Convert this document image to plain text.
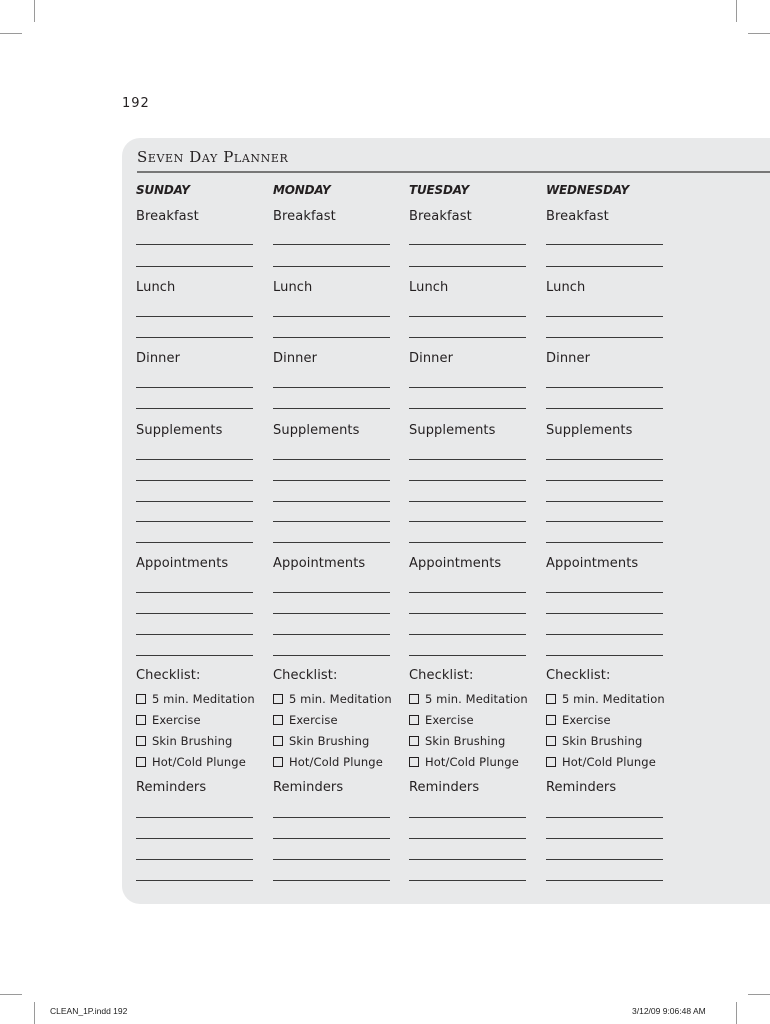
192
Seven Day Planner
SUNDAY
Breakfast
Lunch
Dinner
Supplements
Appointments
Checklist:
5 min. Meditation
Exercise
Skin Brushing
Hot/Cold Plunge
Reminders
MONDAY
Breakfast
Lunch
Dinner
Supplements
Appointments
Checklist:
5 min. Meditation
Exercise
Skin Brushing
Hot/Cold Plunge
Reminders
TUESDAY
Breakfast
Lunch
Dinner
Supplements
Appointments
Checklist:
5 min. Meditation
Exercise
Skin Brushing
Hot/Cold Plunge
Reminders
WEDNESDAY
Breakfast
Lunch
Dinner
Supplements
Appointments
Checklist:
5 min. Meditation
Exercise
Skin Brushing
Hot/Cold Plunge
Reminders
CLEAN_1P.indd 192	3/12/09 9:06:48 AM
